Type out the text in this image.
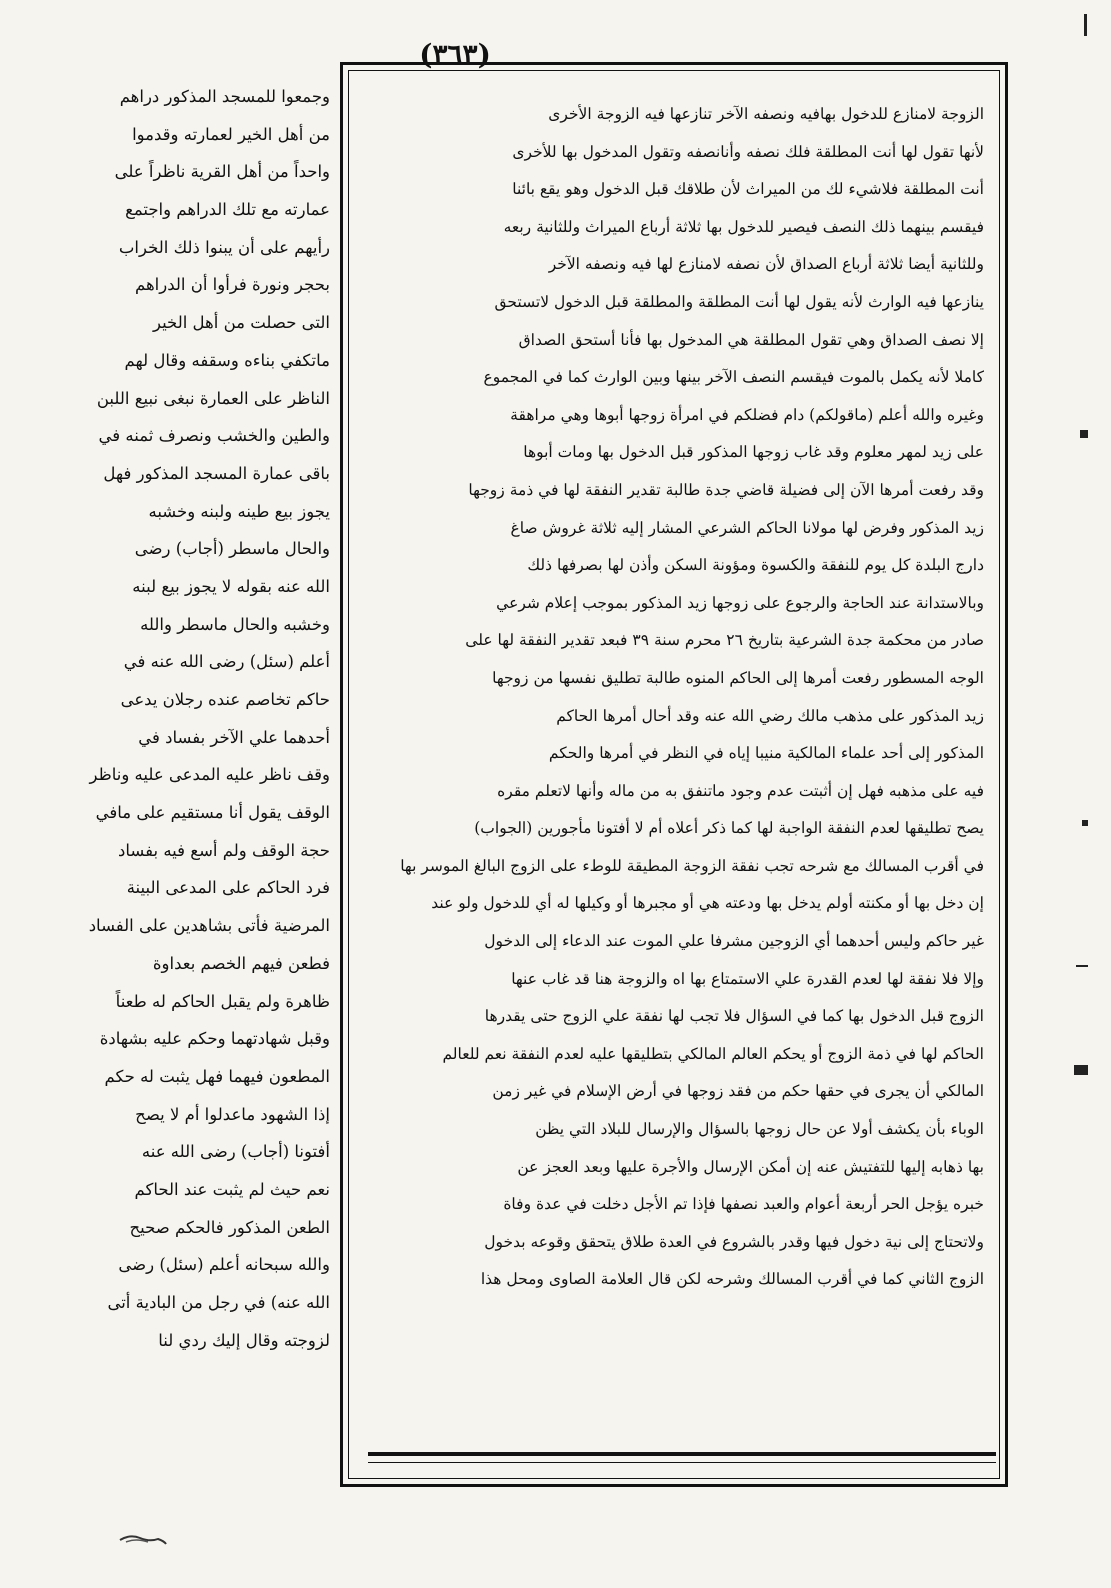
(٣٦٣)
الزوجة لامنازع للدخول بهافيه ونصفه الآخر تنازعها فيه الزوجة الأخرى
لأنها تقول لها أنت المطلقة فلك نصفه وأنانصفه وتقول المدخول بها للأخرى
أنت المطلقة فلاشيء لك من الميراث لأن طلاقك قبل الدخول وهو يقع بائنا
فيقسم بينهما ذلك النصف فيصير للدخول بها ثلاثة أرباع الميراث وللثانية ربعه
وللثانية أيضا ثلاثة أرباع الصداق لأن نصفه لامنازع لها فيه ونصفه الآخر
ينازعها فيه الوارث لأنه يقول لها أنت المطلقة والمطلقة قبل الدخول لاتستحق
إلا نصف الصداق وهي تقول المطلقة هي المدخول بها فأنا أستحق الصداق
كاملا لأنه يكمل بالموت فيقسم النصف الآخر بينها وبين الوارث كما في المجموع
وغيره والله أعلم (ماقولكم) دام فضلكم في امرأة زوجها أبوها وهي مراهقة
على زيد لمهر معلوم وقد غاب زوجها المذكور قبل الدخول بها ومات أبوها
وقد رفعت أمرها الآن إلى فضيلة قاضي جدة طالبة تقدير النفقة لها في ذمة زوجها
زيد المذكور وفرض لها مولانا الحاكم الشرعي المشار إليه ثلاثة غروش صاغ
دارج البلدة كل يوم للنفقة والكسوة ومؤونة السكن وأذن لها بصرفها ذلك
وبالاستدانة عند الحاجة والرجوع على زوجها زيد المذكور بموجب إعلام شرعي
صادر من محكمة جدة الشرعية بتاريخ ٢٦ محرم سنة ٣٩ فبعد تقدير النفقة لها على
الوجه المسطور رفعت أمرها إلى الحاكم المنوه طالبة تطليق نفسها من زوجها
زيد المذكور على مذهب مالك رضي الله عنه وقد أحال أمرها الحاكم
المذكور إلى أحد علماء المالكية منيبا إياه في النظر في أمرها والحكم
فيه على مذهبه فهل إن أثبتت عدم وجود ماتنفق به من ماله وأنها لاتعلم مقره
يصح تطليقها لعدم النفقة الواجبة لها كما ذكر أعلاه أم لا أفتونا مأجورين (الجواب)
في أقرب المسالك مع شرحه تجب نفقة الزوجة المطيقة للوطء على الزوج البالغ الموسر بها
إن دخل بها أو مكنته أولم يدخل بها ودعته هي أو مجبرها أو وكيلها له أي للدخول ولو عند
غير حاكم وليس أحدهما أي الزوجين مشرفا علي الموت عند الدعاء إلى الدخول
وإلا فلا نفقة لها لعدم القدرة علي الاستمتاع بها اه والزوجة هنا قد غاب عنها
الزوج قبل الدخول بها كما في السؤال فلا تجب لها نفقة علي الزوج حتى يقدرها
الحاكم لها في ذمة الزوج أو يحكم العالم المالكي بتطليقها عليه لعدم النفقة نعم للعالم
المالكي أن يجرى في حقها حكم من فقد زوجها في أرض الإسلام في غير زمن
الوباء بأن يكشف أولا عن حال زوجها بالسؤال والإرسال للبلاد التي يظن
بها ذهابه إليها للتفتيش عنه إن أمكن الإرسال والأجرة عليها وبعد العجز عن
خبره يؤجل الحر أربعة أعوام والعبد نصفها فإذا تم الأجل دخلت في عدة وفاة
ولاتحتاج إلى نية دخول فيها وقدر بالشروع في العدة طلاق يتحقق وقوعه بدخول
الزوج الثاني كما في أقرب المسالك وشرحه لكن قال العلامة الصاوى ومحل هذا
وجمعوا للمسجد المذكور دراهم
من أهل الخير لعمارته وقدموا
واحداً من أهل القرية ناظراً على
عمارته مع تلك الدراهم واجتمع
رأيهم على أن يبنوا ذلك الخراب
بحجر ونورة فرأوا أن الدراهم
التى حصلت من أهل الخير
ماتكفي بناءه وسقفه وقال لهم
الناظر على العمارة نبغى نبيع اللبن
والطين والخشب ونصرف ثمنه في
باقى عمارة المسجد المذكور فهل
يجوز بيع طينه ولبنه وخشبه
والحال ماسطر (أجاب) رضى
الله عنه بقوله لا يجوز بيع لبنه
وخشبه والحال ماسطر والله
أعلم (سئل) رضى الله عنه في
حاكم تخاصم عنده رجلان يدعى
أحدهما علي الآخر بفساد في
وقف ناظر عليه المدعى عليه وناظر
الوقف يقول أنا مستقيم على مافي
حجة الوقف ولم أسع فيه بفساد
فرد الحاكم على المدعى البينة
المرضية فأتى بشاهدين على الفساد
فطعن فيهم الخصم بعداوة
ظاهرة ولم يقبل الحاكم له طعناً
وقبل شهادتهما وحكم عليه بشهادة
المطعون فيهما فهل يثبت له حكم
إذا الشهود ماعدلوا أم لا يصح
أفتونا (أجاب) رضى الله عنه
نعم حيث لم يثبت عند الحاكم
الطعن المذكور فالحكم صحيح
والله سبحانه أعلم (سئل) رضى
الله عنه) في رجل من البادية أتى
لزوجته وقال إليك ردي لنا
